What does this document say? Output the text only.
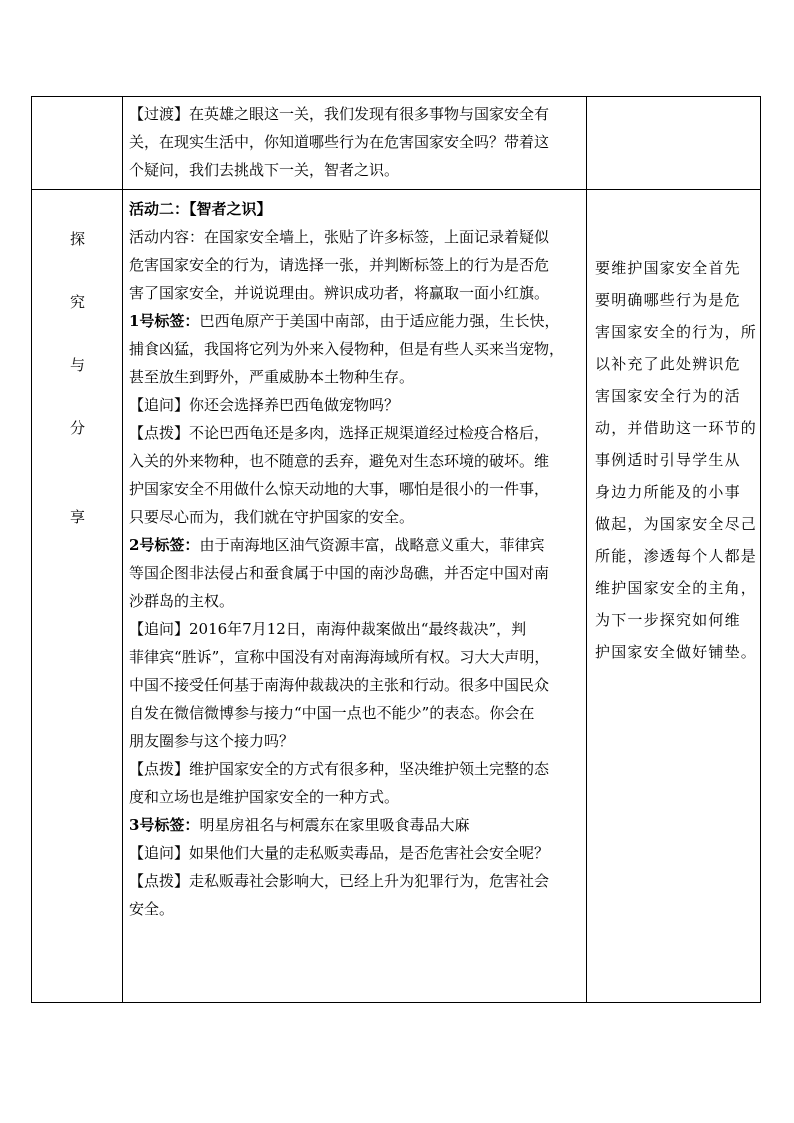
【过渡】在英雄之眼这一关，我们发现有很多事物与国家安全有

关，在现实生活中，你知道哪些行为在危害国家安全吗？带着这

个疑问，我们去挑战下一关，智者之识。

探
究
与
分
享

活动二：【智者之识】

活动内容：在国家安全墙上，张贴了许多标签，上面记录着疑似

危害国家安全的行为，请选择一张，并判断标签上的行为是否危

害了国家安全，并说说理由。辨识成功者，将赢取一面小红旗。

1号标签：巴西龟原产于美国中南部，由于适应能力强，生长快，

捕食凶猛，我国将它列为外来入侵物种，但是有些人买来当宠物，

甚至放生到野外，严重威胁本土物种生存。

【追问】你还会选择养巴西龟做宠物吗？

【点拨】不论巴西龟还是多肉，选择正规渠道经过检疫合格后，

入关的外来物种，也不随意的丢弃，避免对生态环境的破坏。维

护国家安全不用做什么惊天动地的大事，哪怕是很小的一件事，

只要尽心而为，我们就在守护国家的安全。

2号标签：由于南海地区油气资源丰富，战略意义重大，菲律宾

等国企图非法侵占和蚕食属于中国的南沙岛礁，并否定中国对南

沙群岛的主权。

【追问】2016年7月12日，南海仲裁案做出“最终裁决”，判

菲律宾“胜诉”，宣称中国没有对南海海域所有权。习大大声明，

中国不接受任何基于南海仲裁裁决的主张和行动。很多中国民众

自发在微信微博参与接力“中国一点也不能少”的表态。你会在

朋友圈参与这个接力吗？

【点拨】维护国家安全的方式有很多种，坚决维护领土完整的态

度和立场也是维护国家安全的一种方式。

3号标签：明星房祖名与柯震东在家里吸食毒品大麻

【追问】如果他们大量的走私贩卖毒品，是否危害社会安全呢？

【点拨】走私贩毒社会影响大，已经上升为犯罪行为，危害社会

安全。

要维护国家安全首先
要明确哪些行为是危
害国家安全的行为，所
以补充了此处辨识危
害国家安全行为的活
动，并借助这一环节的
事例适时引导学生从
身边力所能及的小事
做起，为国家安全尽己
所能，渗透每个人都是
维护国家安全的主角，
为下一步探究如何维
护国家安全做好铺垫。
